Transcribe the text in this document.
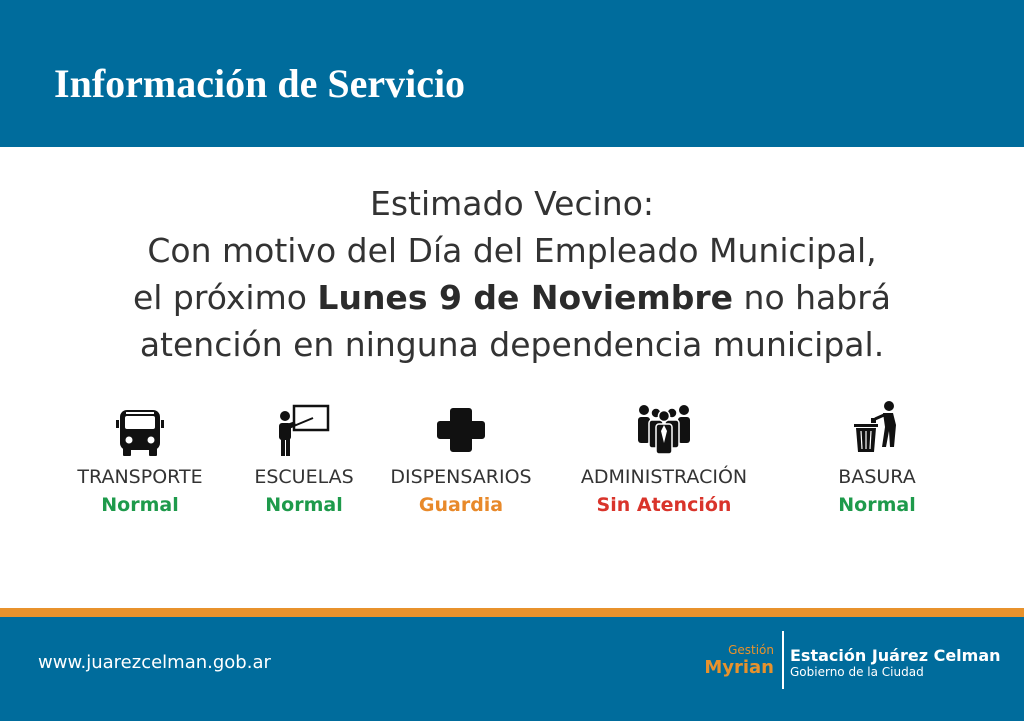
Información de Servicio

Estimado Vecino:

Con motivo del Día del Empleado Municipal,

el próximo Lunes 9 de Noviembre no habrá

atención en ninguna dependencia municipal.

TRANSPORTE
Normal
ESCUELAS
Normal
DISPENSARIOS
Guardia
ADMINISTRACIÓN
Sin Atención
BASURA
Normal
www.juarezcelman.gob.ar
Gestión
Myrian
Estación Juárez Celman
Gobierno de la Ciudad
